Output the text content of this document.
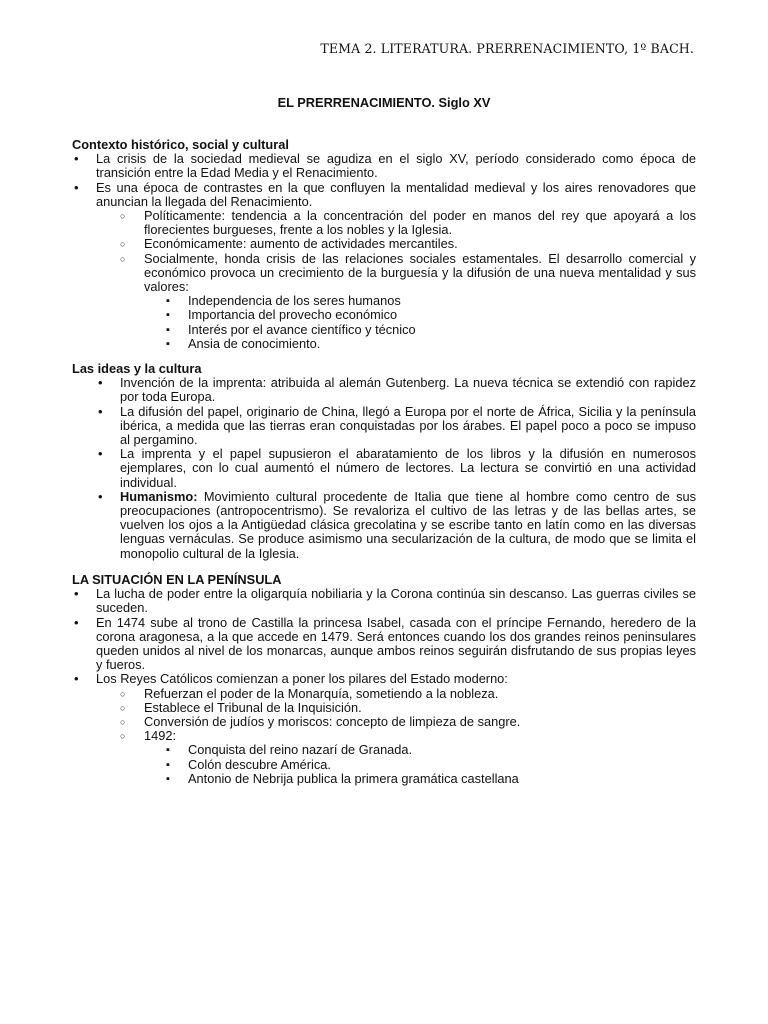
TEMA 2. LITERATURA. PRERRENACIMIENTO, 1º BACH.
EL PRERRENACIMIENTO. Siglo XV

Contexto histórico, social y cultural

• La crisis de la sociedad medieval se agudiza en el siglo XV, período considerado como época de transición entre la Edad Media y el Renacimiento.
• Es una época de contrastes en la que confluyen la mentalidad medieval y los aires renovadores que anuncian la llegada del Renacimiento.
○ Políticamente: tendencia a la concentración del poder en manos del rey que apoyará a los florecientes burgueses, frente a los nobles y la Iglesia.
○ Económicamente: aumento de actividades mercantiles.
○ Socialmente, honda crisis de las relaciones sociales estamentales. El desarrollo comercial y económico provoca un crecimiento de la burguesía y la difusión de una nueva mentalidad y sus valores:
▪ Independencia de los seres humanos
▪ Importancia del provecho económico
▪ Interés por el avance científico y técnico
▪ Ansia de conocimiento.

Las ideas y la cultura

• Invención de la imprenta: atribuida al alemán Gutenberg. La nueva técnica se extendió con rapidez por toda Europa.
• La difusión del papel, originario de China, llegó a Europa por el norte de África, Sicilia y la península ibérica, a medida que las tierras eran conquistadas por los árabes. El papel poco a poco se impuso al pergamino.
• La imprenta y el papel supusieron el abaratamiento de los libros y la difusión en numerosos ejemplares, con lo cual aumentó el número de lectores. La lectura se convirtió en una actividad individual.
• Humanismo: Movimiento cultural procedente de Italia que tiene al hombre como centro de sus preocupaciones (antropocentrismo). Se revaloriza el cultivo de las letras y de las bellas artes, se vuelven los ojos a la Antigüedad clásica grecolatina y se escribe tanto en latín como en las diversas lenguas vernáculas. Se produce asimismo una secularización de la cultura, de modo que se limita el monopolio cultural de la Iglesia.

LA SITUACIÓN EN LA PENÍNSULA

• La lucha de poder entre la oligarquía nobiliaria y la Corona continúa sin descanso. Las guerras civiles se suceden.
• En 1474 sube al trono de Castilla la princesa Isabel, casada con el príncipe Fernando, heredero de la corona aragonesa, a la que accede en 1479. Será entonces cuando los dos grandes reinos peninsulares queden unidos al nivel de los monarcas, aunque ambos reinos seguirán disfrutando de sus propias leyes y fueros.
• Los Reyes Católicos comienzan a poner los pilares del Estado moderno:
○ Refuerzan el poder de la Monarquía, sometiendo a la nobleza.
○ Establece el Tribunal de la Inquisición.
○ Conversión de judíos y moriscos: concepto de limpieza de sangre.
○ 1492:
▪ Conquista del reino nazarí de Granada.
▪ Colón descubre América.
▪ Antonio de Nebrija publica la primera gramática castellana
